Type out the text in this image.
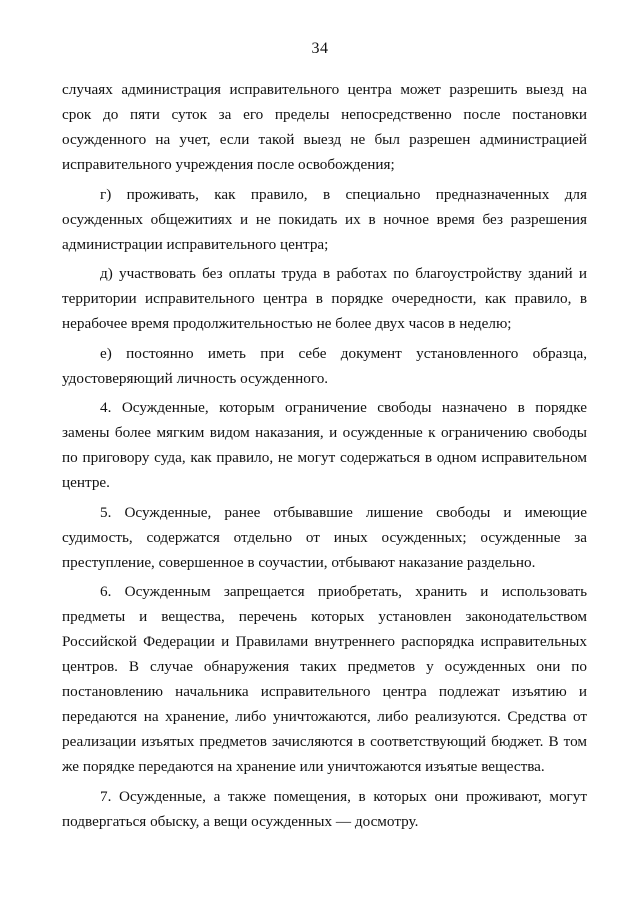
34

случаях администрация исправительного центра может разрешить выезд на срок до пяти суток за его пределы непосредственно после постановки осужденного на учет, если такой выезд не был разрешен администрацией исправительного учреждения после освобождения;

г) проживать, как правило, в специально предназначенных для осужденных общежитиях и не покидать их в ночное время без разрешения администрации исправительного центра;

д) участвовать без оплаты труда в работах по благоустройству зданий и территории исправительного центра в порядке очередности, как правило, в нерабочее время продолжительностью не более двух часов в неделю;

е) постоянно иметь при себе документ установленного образца, удостоверяющий личность осужденного.

4. Осужденные, которым ограничение свободы назначено в порядке замены более мягким видом наказания, и осужденные к ограничению свободы по приговору суда, как правило, не могут содержаться в одном исправительном центре.

5. Осужденные, ранее отбывавшие лишение свободы и имеющие судимость, содержатся отдельно от иных осужденных; осужденные за преступление, совершенное в соучастии, отбывают наказание раздельно.

6. Осужденным запрещается приобретать, хранить и использовать предметы и вещества, перечень которых установлен законодательством Российской Федерации и Правилами внутреннего распорядка исправительных центров. В случае обнаружения таких предметов у осужденных они по постановлению начальника исправительного центра подлежат изъятию и передаются на хранение, либо уничтожаются, либо реализуются. Средства от реализации изъятых предметов зачисляются в соответствующий бюджет. В том же порядке передаются на хранение или уничтожаются изъятые вещества.

7. Осужденные, а также помещения, в которых они проживают, могут подвергаться обыску, а вещи осужденных — досмотру.
